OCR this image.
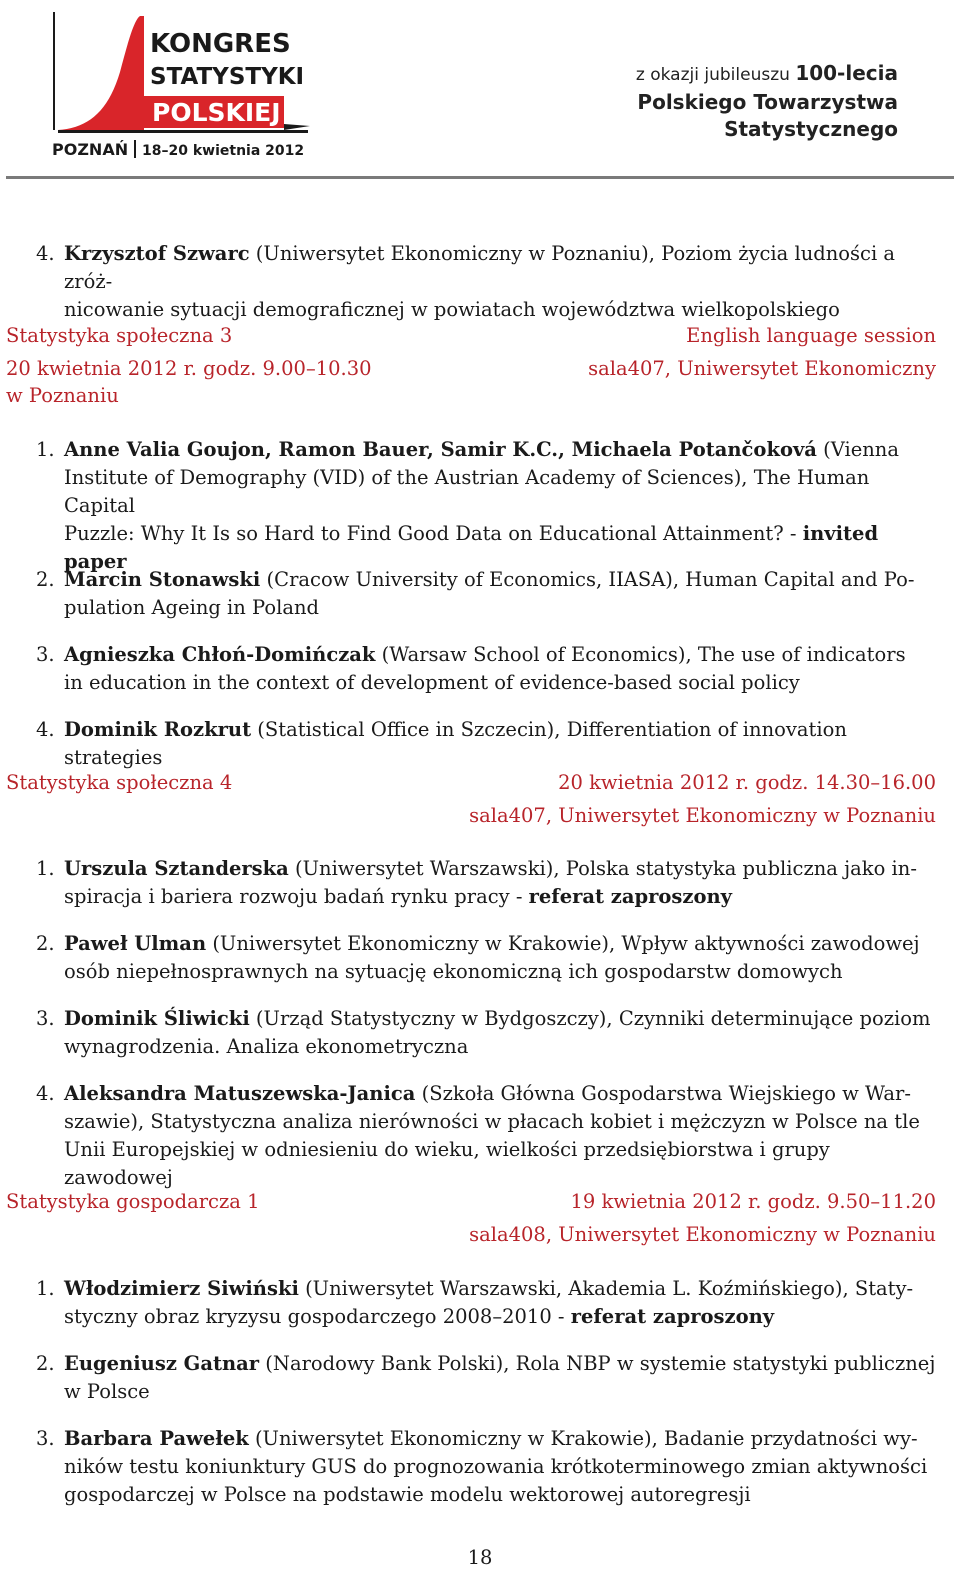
KONGRES
STATYSTYKI
POLSKIEJ
POZNAŃ 18–20 kwietnia 2012
z okazji jubileuszu 100-lecia
Polskiego Towarzystwa
Statystycznego
4. Krzysztof Szwarc (Uniwersytet Ekonomiczny w Poznaniu), Poziom życia ludności a zróż-
nicowanie sytuacji demograficznej w powiatach województwa wielkopolskiego
Statystyka społeczna 3	English language session
20 kwietnia 2012 r. godz. 9.00–10.30	sala407, Uniwersytet Ekonomiczny
w Poznaniu
1. Anne Valia Goujon, Ramon Bauer, Samir K.C., Michaela Potančoková (Vienna
Institute of Demography (VID) of the Austrian Academy of Sciences), The Human Capital
Puzzle: Why It Is so Hard to Find Good Data on Educational Attainment? - invited
paper
2. Marcin Stonawski (Cracow University of Economics, IIASA), Human Capital and Po-
pulation Ageing in Poland
3. Agnieszka Chłoń-Domińczak (Warsaw School of Economics), The use of indicators
in education in the context of development of evidence-based social policy
4. Dominik Rozkrut (Statistical Office in Szczecin), Differentiation of innovation strategies
Statystyka społeczna 4	20 kwietnia 2012 r. godz. 14.30–16.00
sala407, Uniwersytet Ekonomiczny w Poznaniu
1. Urszula Sztanderska (Uniwersytet Warszawski), Polska statystyka publiczna jako in-
spiracja i bariera rozwoju badań rynku pracy - referat zaproszony
2. Paweł Ulman (Uniwersytet Ekonomiczny w Krakowie), Wpływ aktywności zawodowej
osób niepełnosprawnych na sytuację ekonomiczną ich gospodarstw domowych
3. Dominik Śliwicki (Urząd Statystyczny w Bydgoszczy), Czynniki determinujące poziom
wynagrodzenia. Analiza ekonometryczna
4. Aleksandra Matuszewska-Janica (Szkoła Główna Gospodarstwa Wiejskiego w War-
szawie), Statystyczna analiza nierówności w płacach kobiet i mężczyzn w Polsce na tle
Unii Europejskiej w odniesieniu do wieku, wielkości przedsiębiorstwa i grupy zawodowej
Statystyka gospodarcza 1	19 kwietnia 2012 r. godz. 9.50–11.20
sala408, Uniwersytet Ekonomiczny w Poznaniu
1. Włodzimierz Siwiński (Uniwersytet Warszawski, Akademia L. Koźmińskiego), Staty-
styczny obraz kryzysu gospodarczego 2008–2010 - referat zaproszony
2. Eugeniusz Gatnar (Narodowy Bank Polski), Rola NBP w systemie statystyki publicznej
w Polsce
3. Barbara Pawełek (Uniwersytet Ekonomiczny w Krakowie), Badanie przydatności wy-
ników testu koniunktury GUS do prognozowania krótkoterminowego zmian aktywności
gospodarczej w Polsce na podstawie modelu wektorowej autoregresji
18
